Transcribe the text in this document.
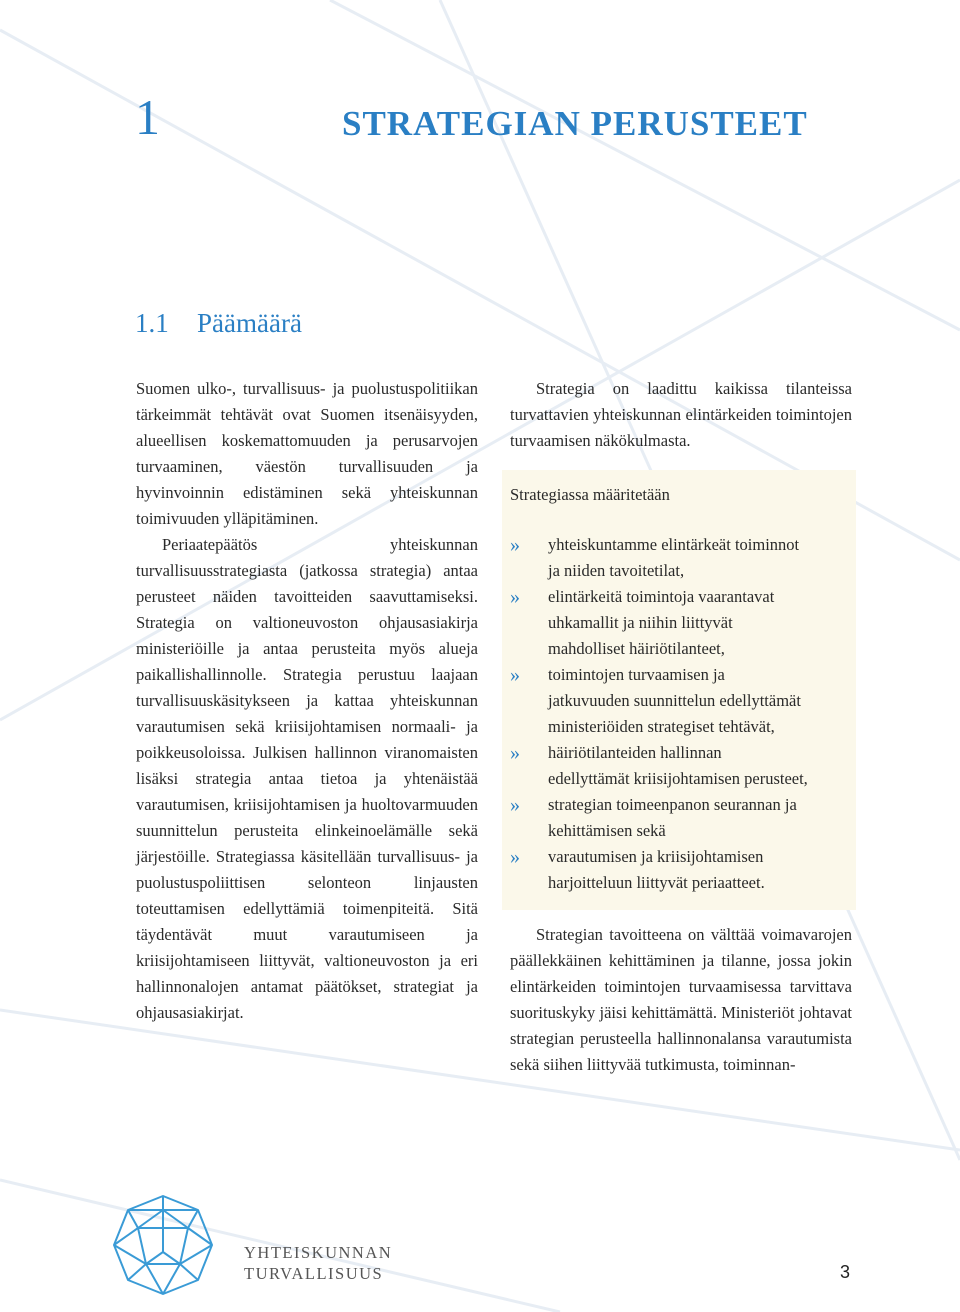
1	STRATEGIAN PERUSTEET
1.1 Päämäärä

Suomen ulko-, turvallisuus- ja puolustuspolitiikan tärkeimmät tehtävät ovat Suomen itsenäisyyden, alueellisen koskemattomuuden ja perusarvojen turvaaminen, väestön turvallisuuden ja hyvinvoinnin edistäminen sekä yhteiskunnan toimivuuden ylläpitäminen.

Periaatepäätös yhteiskunnan turvallisuusstrategiasta (jatkossa strategia) antaa perusteet näiden tavoitteiden saavuttamiseksi. Strategia on valtioneuvoston ohjausasiakirja ministeriöille ja antaa perusteita myös alueja paikallishallinnolle. Strategia perustuu laajaan turvallisuuskäsitykseen ja kattaa yhteiskunnan varautumisen sekä kriisijohtamisen normaali- ja poikkeusoloissa. Julkisen hallinnon viranomaisten lisäksi strategia antaa tietoa ja yhtenäistää varautumisen, kriisijohtamisen ja huoltovarmuuden suunnittelun perusteita elinkeinoelämälle sekä järjestöille. Strategiassa käsitellään turvallisuus- ja puolustuspoliittisen selonteon linjausten toteuttamisen edellyttämiä toimenpiteitä. Sitä täydentävät muut varautumiseen ja kriisijohtamiseen liittyvät, valtioneuvoston ja eri hallinnonalojen antamat päätökset, strategiat ja ohjausasiakirjat.

Strategia on laadittu kaikissa tilanteissa turvattavien yhteiskunnan elintärkeiden toimintojen turvaamisen näkökulmasta.

Strategian tavoitteena on välttää voimavarojen päällekkäinen kehittäminen ja tilanne, jossa jokin elintärkeiden toimintojen turvaamisessa tarvittava suorituskyky jäisi kehittämättä. Ministeriöt johtavat strategian perusteella hallinnonalansa varautumista sekä siihen liittyvää tutkimusta, toiminnan-

Strategiassa määritetään
» yhteiskuntamme elintärkeät toiminnot
ja niiden tavoitetilat,
» elintärkeitä toimintoja vaarantavat
uhkamallit ja niihin liittyvät
mahdolliset häiriötilanteet,
» toimintojen turvaamisen ja
jatkuvuuden suunnittelun edellyttämät
ministeriöiden strategiset tehtävät,
» häiriötilanteiden hallinnan
edellyttämät kriisijohtamisen perusteet,
» strategian toimeenpanon seurannan ja
kehittämisen sekä
» varautumisen ja kriisijohtamisen
harjoitteluun liittyvät periaatteet.
YHTEISKUNNAN
TURVALLISUUS	3
